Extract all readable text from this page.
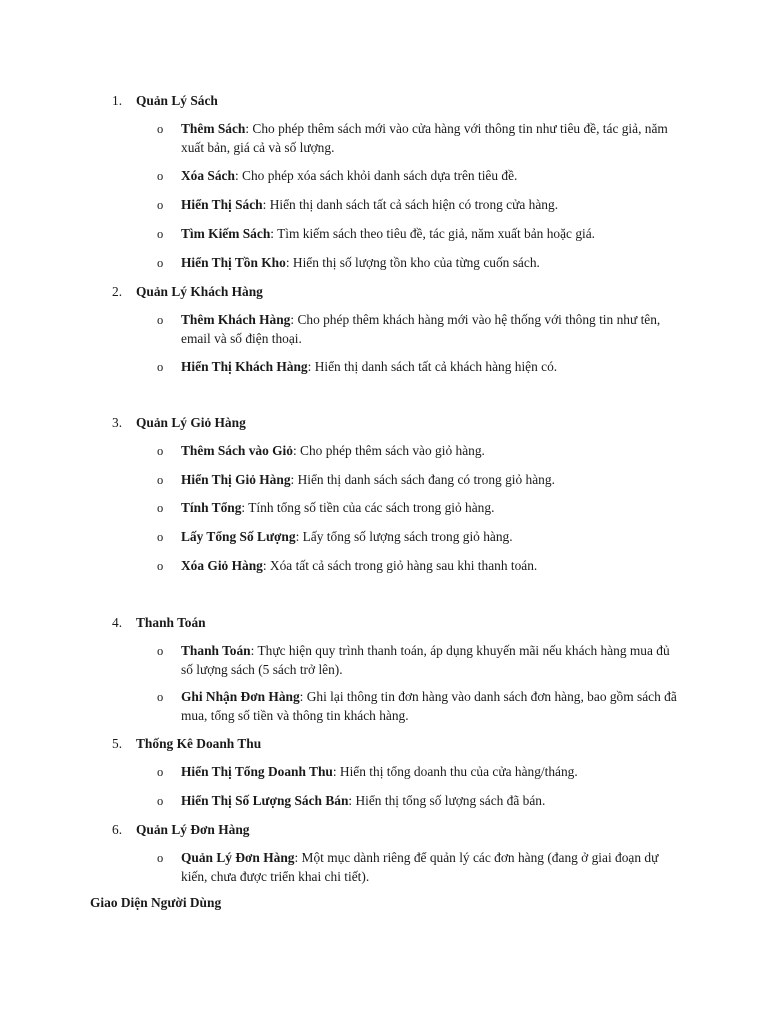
1. Quản Lý Sách
o Thêm Sách: Cho phép thêm sách mới vào cửa hàng với thông tin như tiêu đề, tác giả, năm xuất bản, giá cả và số lượng.
o Xóa Sách: Cho phép xóa sách khỏi danh sách dựa trên tiêu đề.
o Hiển Thị Sách: Hiển thị danh sách tất cả sách hiện có trong cửa hàng.
o Tìm Kiếm Sách: Tìm kiếm sách theo tiêu đề, tác giả, năm xuất bản hoặc giá.
o Hiển Thị Tồn Kho: Hiển thị số lượng tồn kho của từng cuốn sách.
2. Quản Lý Khách Hàng
o Thêm Khách Hàng: Cho phép thêm khách hàng mới vào hệ thống với thông tin như tên, email và số điện thoại.
o Hiển Thị Khách Hàng: Hiển thị danh sách tất cả khách hàng hiện có.
3. Quản Lý Giỏ Hàng
o Thêm Sách vào Giỏ: Cho phép thêm sách vào giỏ hàng.
o Hiển Thị Giỏ Hàng: Hiển thị danh sách sách đang có trong giỏ hàng.
o Tính Tổng: Tính tổng số tiền của các sách trong giỏ hàng.
o Lấy Tổng Số Lượng: Lấy tổng số lượng sách trong giỏ hàng.
o Xóa Giỏ Hàng: Xóa tất cả sách trong giỏ hàng sau khi thanh toán.
4. Thanh Toán
o Thanh Toán: Thực hiện quy trình thanh toán, áp dụng khuyến mãi nếu khách hàng mua đủ số lượng sách (5 sách trở lên).
o Ghi Nhận Đơn Hàng: Ghi lại thông tin đơn hàng vào danh sách đơn hàng, bao gồm sách đã mua, tổng số tiền và thông tin khách hàng.
5. Thống Kê Doanh Thu
o Hiển Thị Tổng Doanh Thu: Hiển thị tổng doanh thu của cửa hàng/tháng.
o Hiển Thị Số Lượng Sách Bán: Hiển thị tổng số lượng sách đã bán.
6. Quản Lý Đơn Hàng
o Quản Lý Đơn Hàng: Một mục dành riêng để quản lý các đơn hàng (đang ở giai đoạn dự kiến, chưa được triển khai chi tiết).
Giao Diện Người Dùng
